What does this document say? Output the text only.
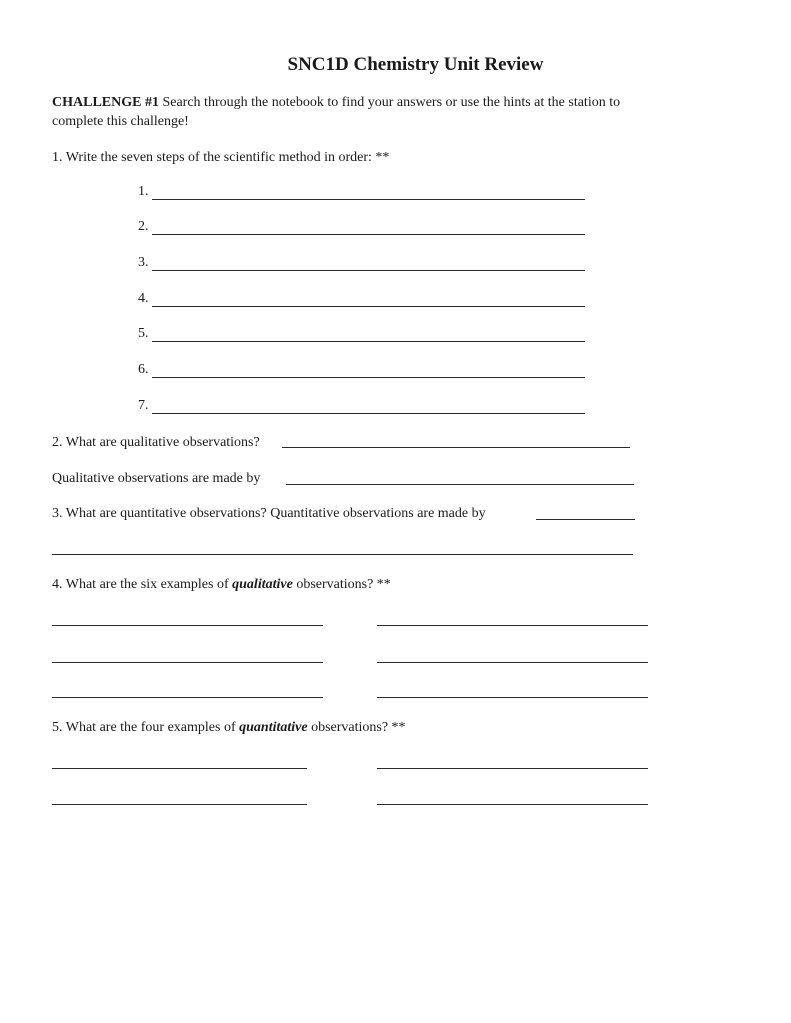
SNC1D Chemistry Unit Review
CHALLENGE #1 Search through the notebook to find your answers or use the hints at the station to
complete this challenge!
1. Write the seven steps of the scientific method in order: **
1.
2.
3.
4.
5.
6.
7.
2. What are qualitative observations?
Qualitative observations are made by
3. What are quantitative observations? Quantitative observations are made by
4. What are the six examples of qualitative observations? **
5. What are the four examples of quantitative observations? **
